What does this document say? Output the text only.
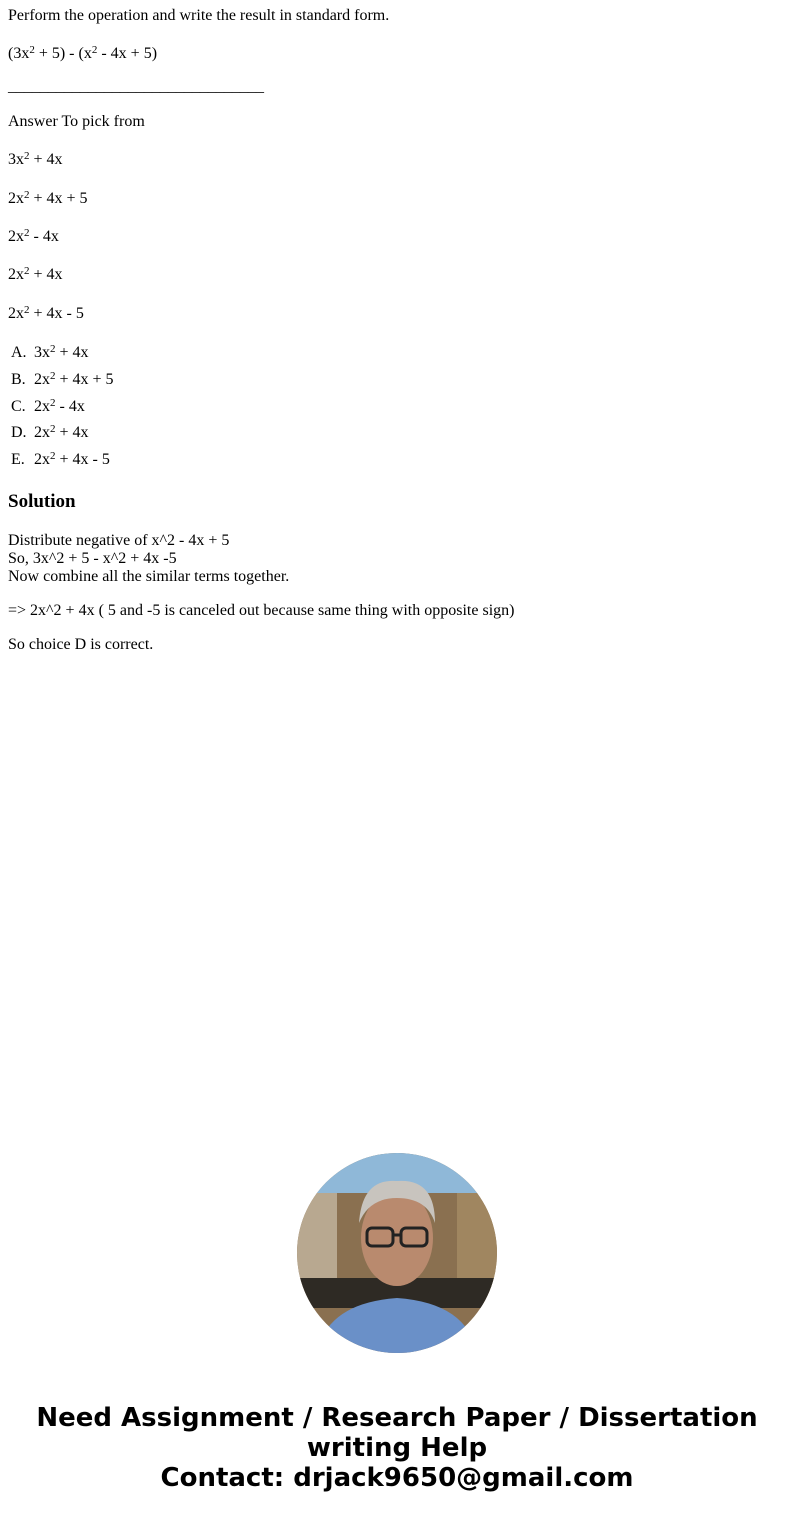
Perform the operation and write the result in standard form.

$(3x^2 + 5) - (x^2 - 4x + 5)$

________________________________

Answer To pick from

$3x^2 + 4x$

$2x^2 + 4x + 5$

$2x^2 - 4x$

$2x^2 + 4x$

$2x^2 + 4x - 5$

A. $3x^2 + 4x$
B. $2x^2 + 4x + 5$
C. $2x^2 - 4x$
D. $2x^2 + 4x$
E. $2x^2 + 4x - 5$
Solution

Distribute negative of x^2 - 4x + 5

So, 3x^2 + 5 - x^2 + 4x -5

Now combine all the similar terms together.

=> 2x^2 + 4x ( 5 and -5 is canceled out because same thing with opposite sign)

So choice D is correct.

Need Assignment / Research Paper / Dissertation
writing Help
Contact: drjack9650@gmail.com
